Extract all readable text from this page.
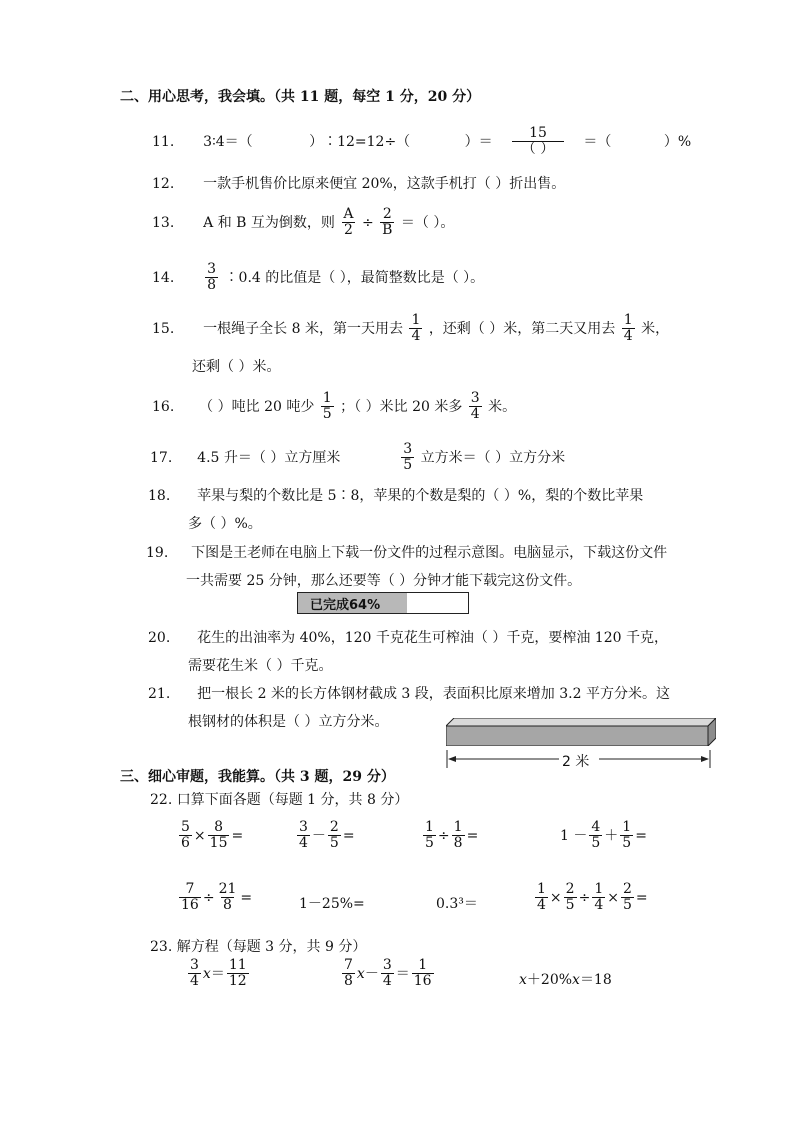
二、用心思考，我会填。（共 11 题，每空 1 分，20 分）
11. 3∶4＝（	）∶12=12÷（	）＝ $\frac{15}{( )}$ ＝（	）%
12. 一款手机售价比原来便宜 20%，这款手机打（ ）折出售。
13. A 和 B 互为倒数，则 $\frac{A}{2} \div \frac{2}{B}$ ＝（ ）。
14. $\frac{3}{8}$ ∶0.4 的比值是（ ），最简整数比是（ ）。
15. 一根绳子全长 8 米，第一天用去 $\frac{1}{4}$ ，还剩（ ）米，第二天又用去 $\frac{1}{4}$ 米，
还剩（ ）米。
16. （ ）吨比 20 吨少 $\frac{1}{5}$ ；（ ）米比 20 米多 $\frac{3}{4}$ 米。
17. 4.5 升＝（ ）立方厘米	$\frac{3}{5}$ 立方米＝（ ）立方分米
18. 苹果与梨的个数比是 5∶8，苹果的个数是梨的（ ）%，梨的个数比苹果
多（ ）%。
19. 下图是王老师在电脑上下载一份文件的过程示意图。电脑显示，下载这份文件
一共需要 25 分钟，那么还要等（ ）分钟才能下载完这份文件。
已完成64%
20. 花生的出油率为 40%，120 千克花生可榨油（ ）千克，要榨油 120 千克，
需要花生米（ ）千克。
21. 把一根长 2 米的长方体钢材截成 3 段，表面积比原来增加 3.2 平方分米。这
根钢材的体积是（ ）立方分米。
2 米
三、细心审题，我能算。（共 3 题，29 分）
22. 口算下面各题（每题 1 分，共 8 分）
$\frac{5}{6} \times \frac{8}{15}$ =	$\frac{3}{4} - \frac{2}{5}$ =	$\frac{1}{5} \div \frac{1}{8}$ =	$1 - \frac{4}{5} + \frac{1}{5}$ =
$\frac{7}{16} \div \frac{21}{8}$ =	1－25%=	0.3³＝	$\frac{1}{4} \times \frac{2}{5} \div \frac{1}{4} \times \frac{2}{5}$ =
23. 解方程（每题 3 分，共 9 分）
$\frac{3}{4} x= \frac{11}{12}$	$\frac{7}{8} x- \frac{3}{4} = \frac{1}{16}$	x＋20%x＝18
